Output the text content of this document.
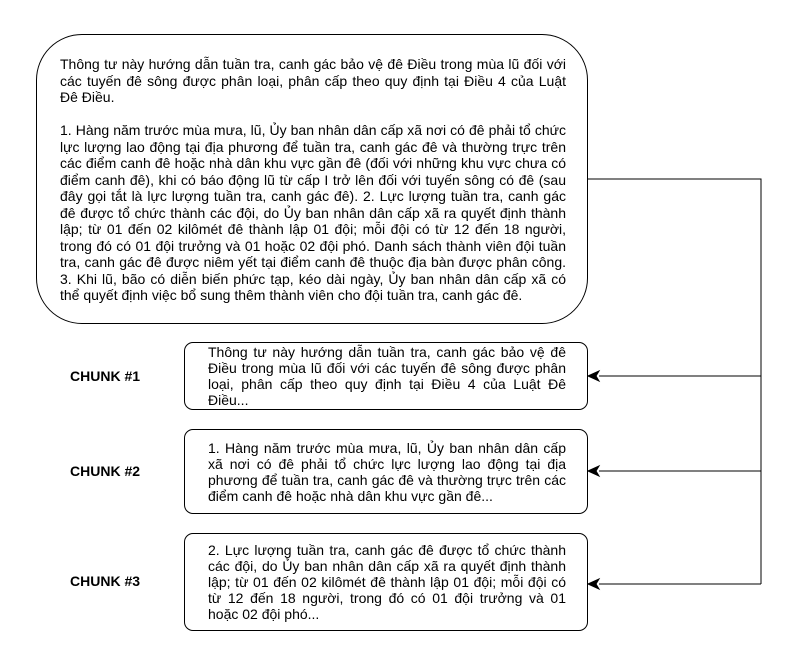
Thông tư này hướng dẫn tuần tra, canh gác bảo vệ đê Điều trong mùa lũ đối với các tuyến đê sông được phân loại, phân cấp theo quy định tại Điều 4 của Luật Đê Điều.

1. Hàng năm trước mùa mưa, lũ, Ủy ban nhân dân cấp xã nơi có đê phải tổ chức lực lượng lao động tại địa phương để tuần tra, canh gác đê và thường trực trên các điểm canh đê hoặc nhà dân khu vực gần đê (đối với những khu vực chưa có điểm canh đê), khi có báo động lũ từ cấp I trở lên đối với tuyến sông có đê (sau đây gọi tắt là lực lượng tuần tra, canh gác đê). 2. Lực lượng tuần tra, canh gác đê được tổ chức thành các đội, do Ủy ban nhân dân cấp xã ra quyết định thành lập; từ 01 đến 02 kilômét đê thành lập 01 đội; mỗi đội có từ 12 đến 18 người, trong đó có 01 đội trưởng và 01 hoặc 02 đội phó. Danh sách thành viên đội tuần tra, canh gác đê được niêm yết tại điểm canh đê thuộc địa bàn được phân công. 3. Khi lũ, bão có diễn biến phức tạp, kéo dài ngày, Ủy ban nhân dân cấp xã có thể quyết định việc bổ sung thêm thành viên cho đội tuần tra, canh gác đê.

CHUNK #1

Thông tư này hướng dẫn tuần tra, canh gác bảo vệ đê Điều trong mùa lũ đối với các tuyến đê sông được phân loại, phân cấp theo quy định tại Điều 4 của Luật Đê Điều...

CHUNK #2

1. Hàng năm trước mùa mưa, lũ, Ủy ban nhân dân cấp xã nơi có đê phải tổ chức lực lượng lao động tại địa phương để tuần tra, canh gác đê và thường trực trên các điểm canh đê hoặc nhà dân khu vực gần đê...

CHUNK #3

2. Lực lượng tuần tra, canh gác đê được tổ chức thành các đội, do Ủy ban nhân dân cấp xã ra quyết định thành lập; từ 01 đến 02 kilômét đê thành lập 01 đội; mỗi đội có từ 12 đến 18 người, trong đó có 01 đội trưởng và 01 hoặc 02 đội phó...
